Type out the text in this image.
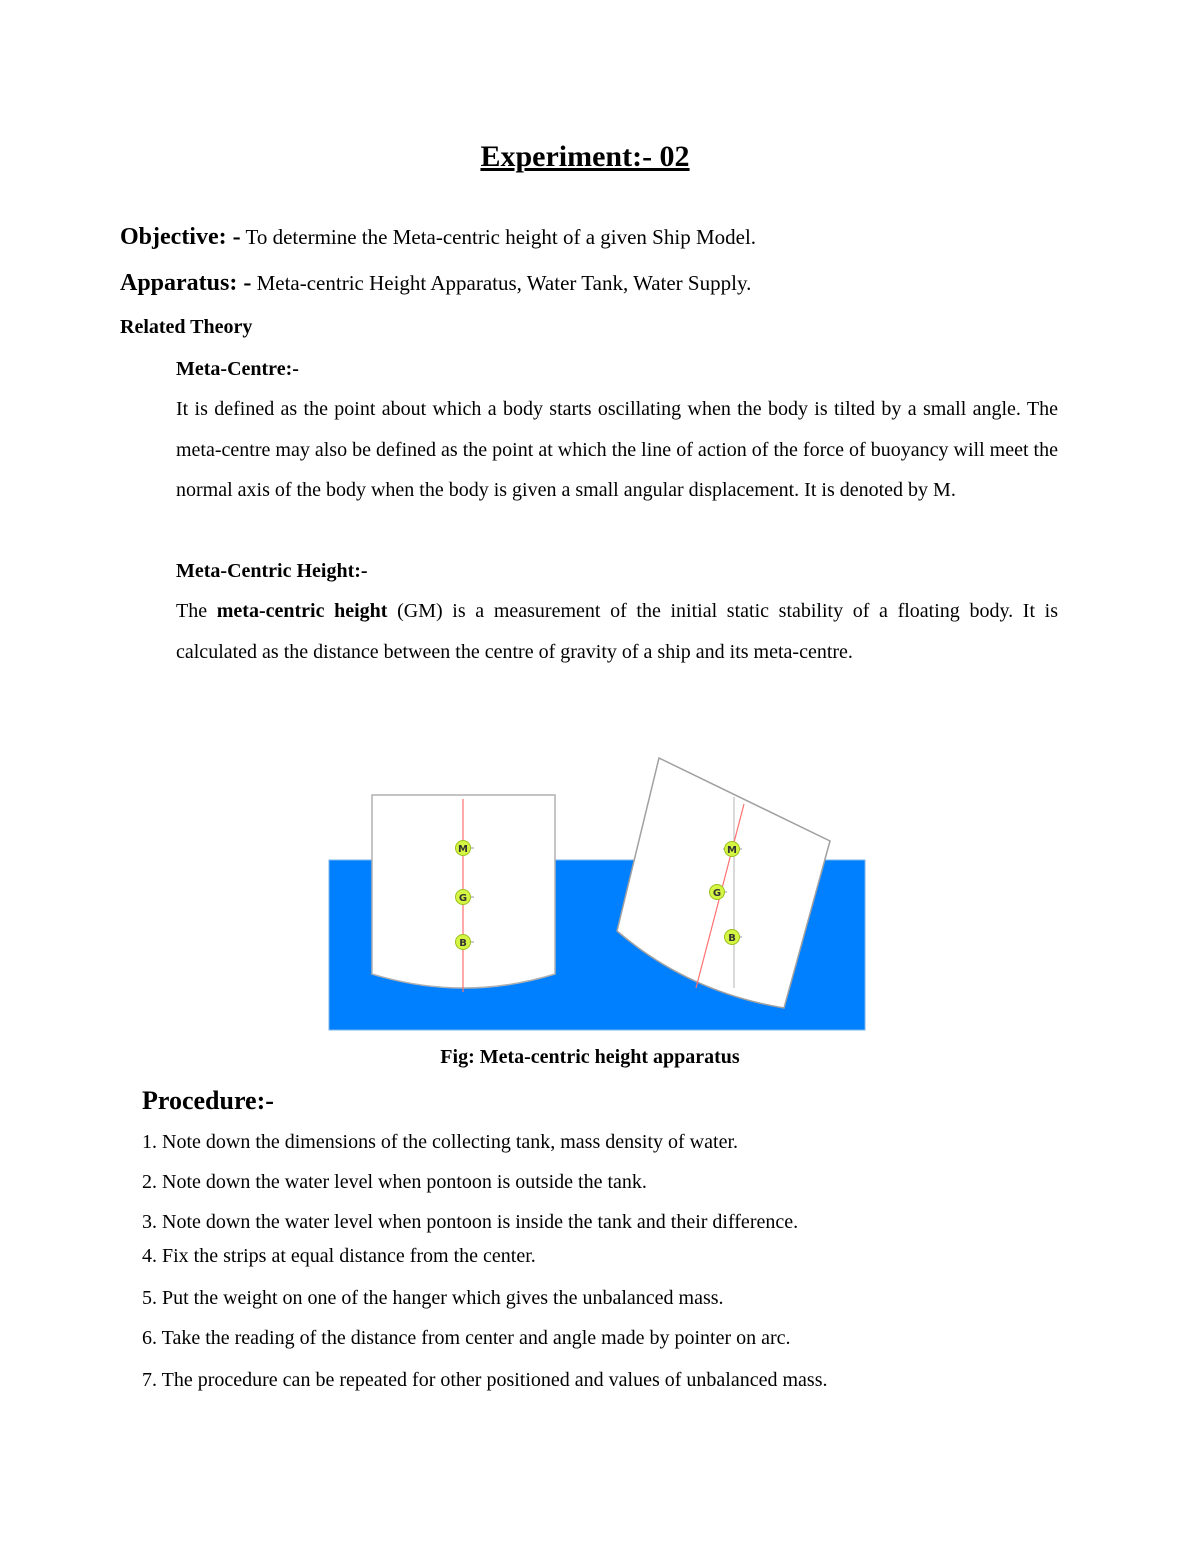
Experiment:- 02
Objective: - To determine the Meta-centric height of a given Ship Model.
Apparatus: - Meta-centric Height Apparatus, Water Tank, Water Supply.
Related Theory
Meta-Centre:-
It is defined as the point about which a body starts oscillating when the body is tilted by a small angle. The meta-centre may also be defined as the point at which the line of action of the force of buoyancy will meet the normal axis of the body when the body is given a small angular displacement. It is denoted by M.
Meta-Centric Height:-
The meta-centric height (GM) is a measurement of the initial static stability of a floating body. It is calculated as the distance between the centre of gravity of a ship and its meta-centre.
M
G
B
M
G
B
Fig: Meta-centric height apparatus
Procedure:-
1. Note down the dimensions of the collecting tank, mass density of water.
2. Note down the water level when pontoon is outside the tank.
3. Note down the water level when pontoon is inside the tank and their difference.
4. Fix the strips at equal distance from the center.
5. Put the weight on one of the hanger which gives the unbalanced mass.
6. Take the reading of the distance from center and angle made by pointer on arc.
7. The procedure can be repeated for other positioned and values of unbalanced mass.
